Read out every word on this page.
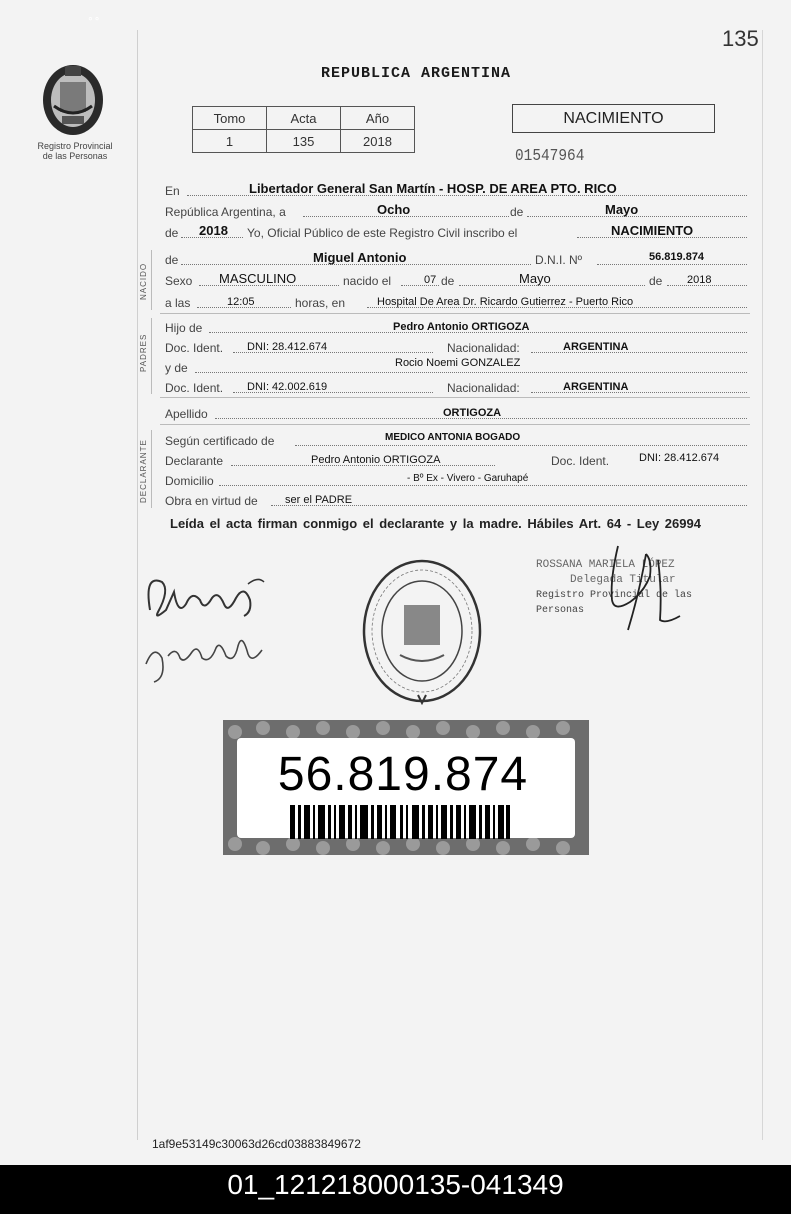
ᐤᐤ
135
Registro Provincial
de las Personas
REPUBLICA ARGENTINA
Tomo	Acta	Año
1	135	2018
NACIMIENTO
01547964
En	Libertador General San Martín - HOSP. DE AREA PTO. RICO
República Argentina, a	Ocho	de	Mayo
de 2018 Yo, Oficial Público de este Registro Civil inscribo el	NACIMIENTO
NACIDO
de	Miguel Antonio	D.N.I. Nº	56.819.874
Sexo MASCULINO	nacido el	07 de	Mayo	de 2018
a las	12:05	horas, en	Hospital De Area Dr. Ricardo Gutierrez - Puerto Rico
PADRES
Hijo de	Pedro Antonio ORTIGOZA
Doc. Ident. DNI: 28.412.674	Nacionalidad:	ARGENTINA
y de	Rocio Noemi GONZALEZ
Doc. Ident. DNI: 42.002.619	Nacionalidad:	ARGENTINA
Apellido	ORTIGOZA
DECLARANTE Según certificado de	MEDICO ANTONIA BOGADO
Declarante	Pedro Antonio ORTIGOZA	Doc. Ident.	DNI: 28.412.674
Domicilio	- Bº Ex - Vivero - Garuhapé
Obra en virtud de ser el PADRE
Leída el acta firman conmigo el declarante y la madre. Hábiles Art. 64 - Ley 26994
ROSSANA MARIELA LÓPEZ
Delegada Titular
Registro Provincial de las Personas
56.819.874
1af9e53149c30063d26cd03883849672
01_121218000135-041349
